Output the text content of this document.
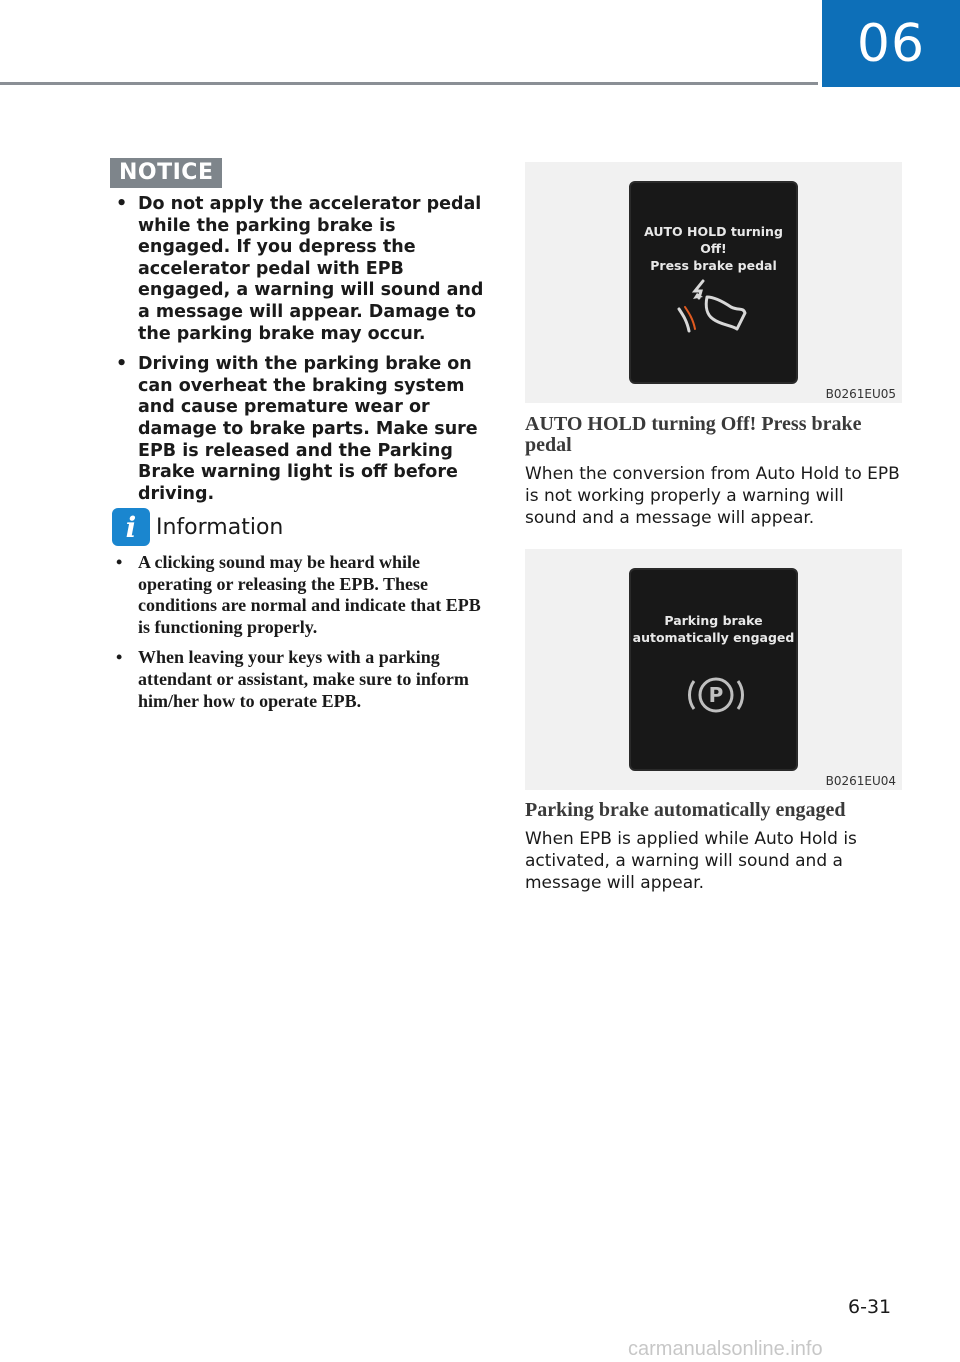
06
NOTICE
• Do not apply the accelerator pedal while the parking brake is engaged. If you depress the accelerator pedal with EPB engaged, a warning will sound and a message will appear. Damage to the parking brake may occur.
• Driving with the parking brake on can overheat the braking system and cause premature wear or damage to brake parts. Make sure EPB is released and the Parking Brake warning light is off before driving.
i Information
• A clicking sound may be heard while operating or releasing the EPB. These conditions are normal and indicate that EPB is functioning properly.
• When leaving your keys with a parking attendant or assistant, make sure to inform him/her how to operate EPB.
AUTO HOLD turning Off!
Press brake pedal
B0261EU05
AUTO HOLD turning Off! Press brake pedal
When the conversion from Auto Hold to EPB is not working properly a warning will sound and a message will appear.
Parking brake
automatically engaged
P
B0261EU04
Parking brake automatically engaged
When EPB is applied while Auto Hold is activated, a warning will sound and a message will appear.
6-31
carmanualsonline.info
